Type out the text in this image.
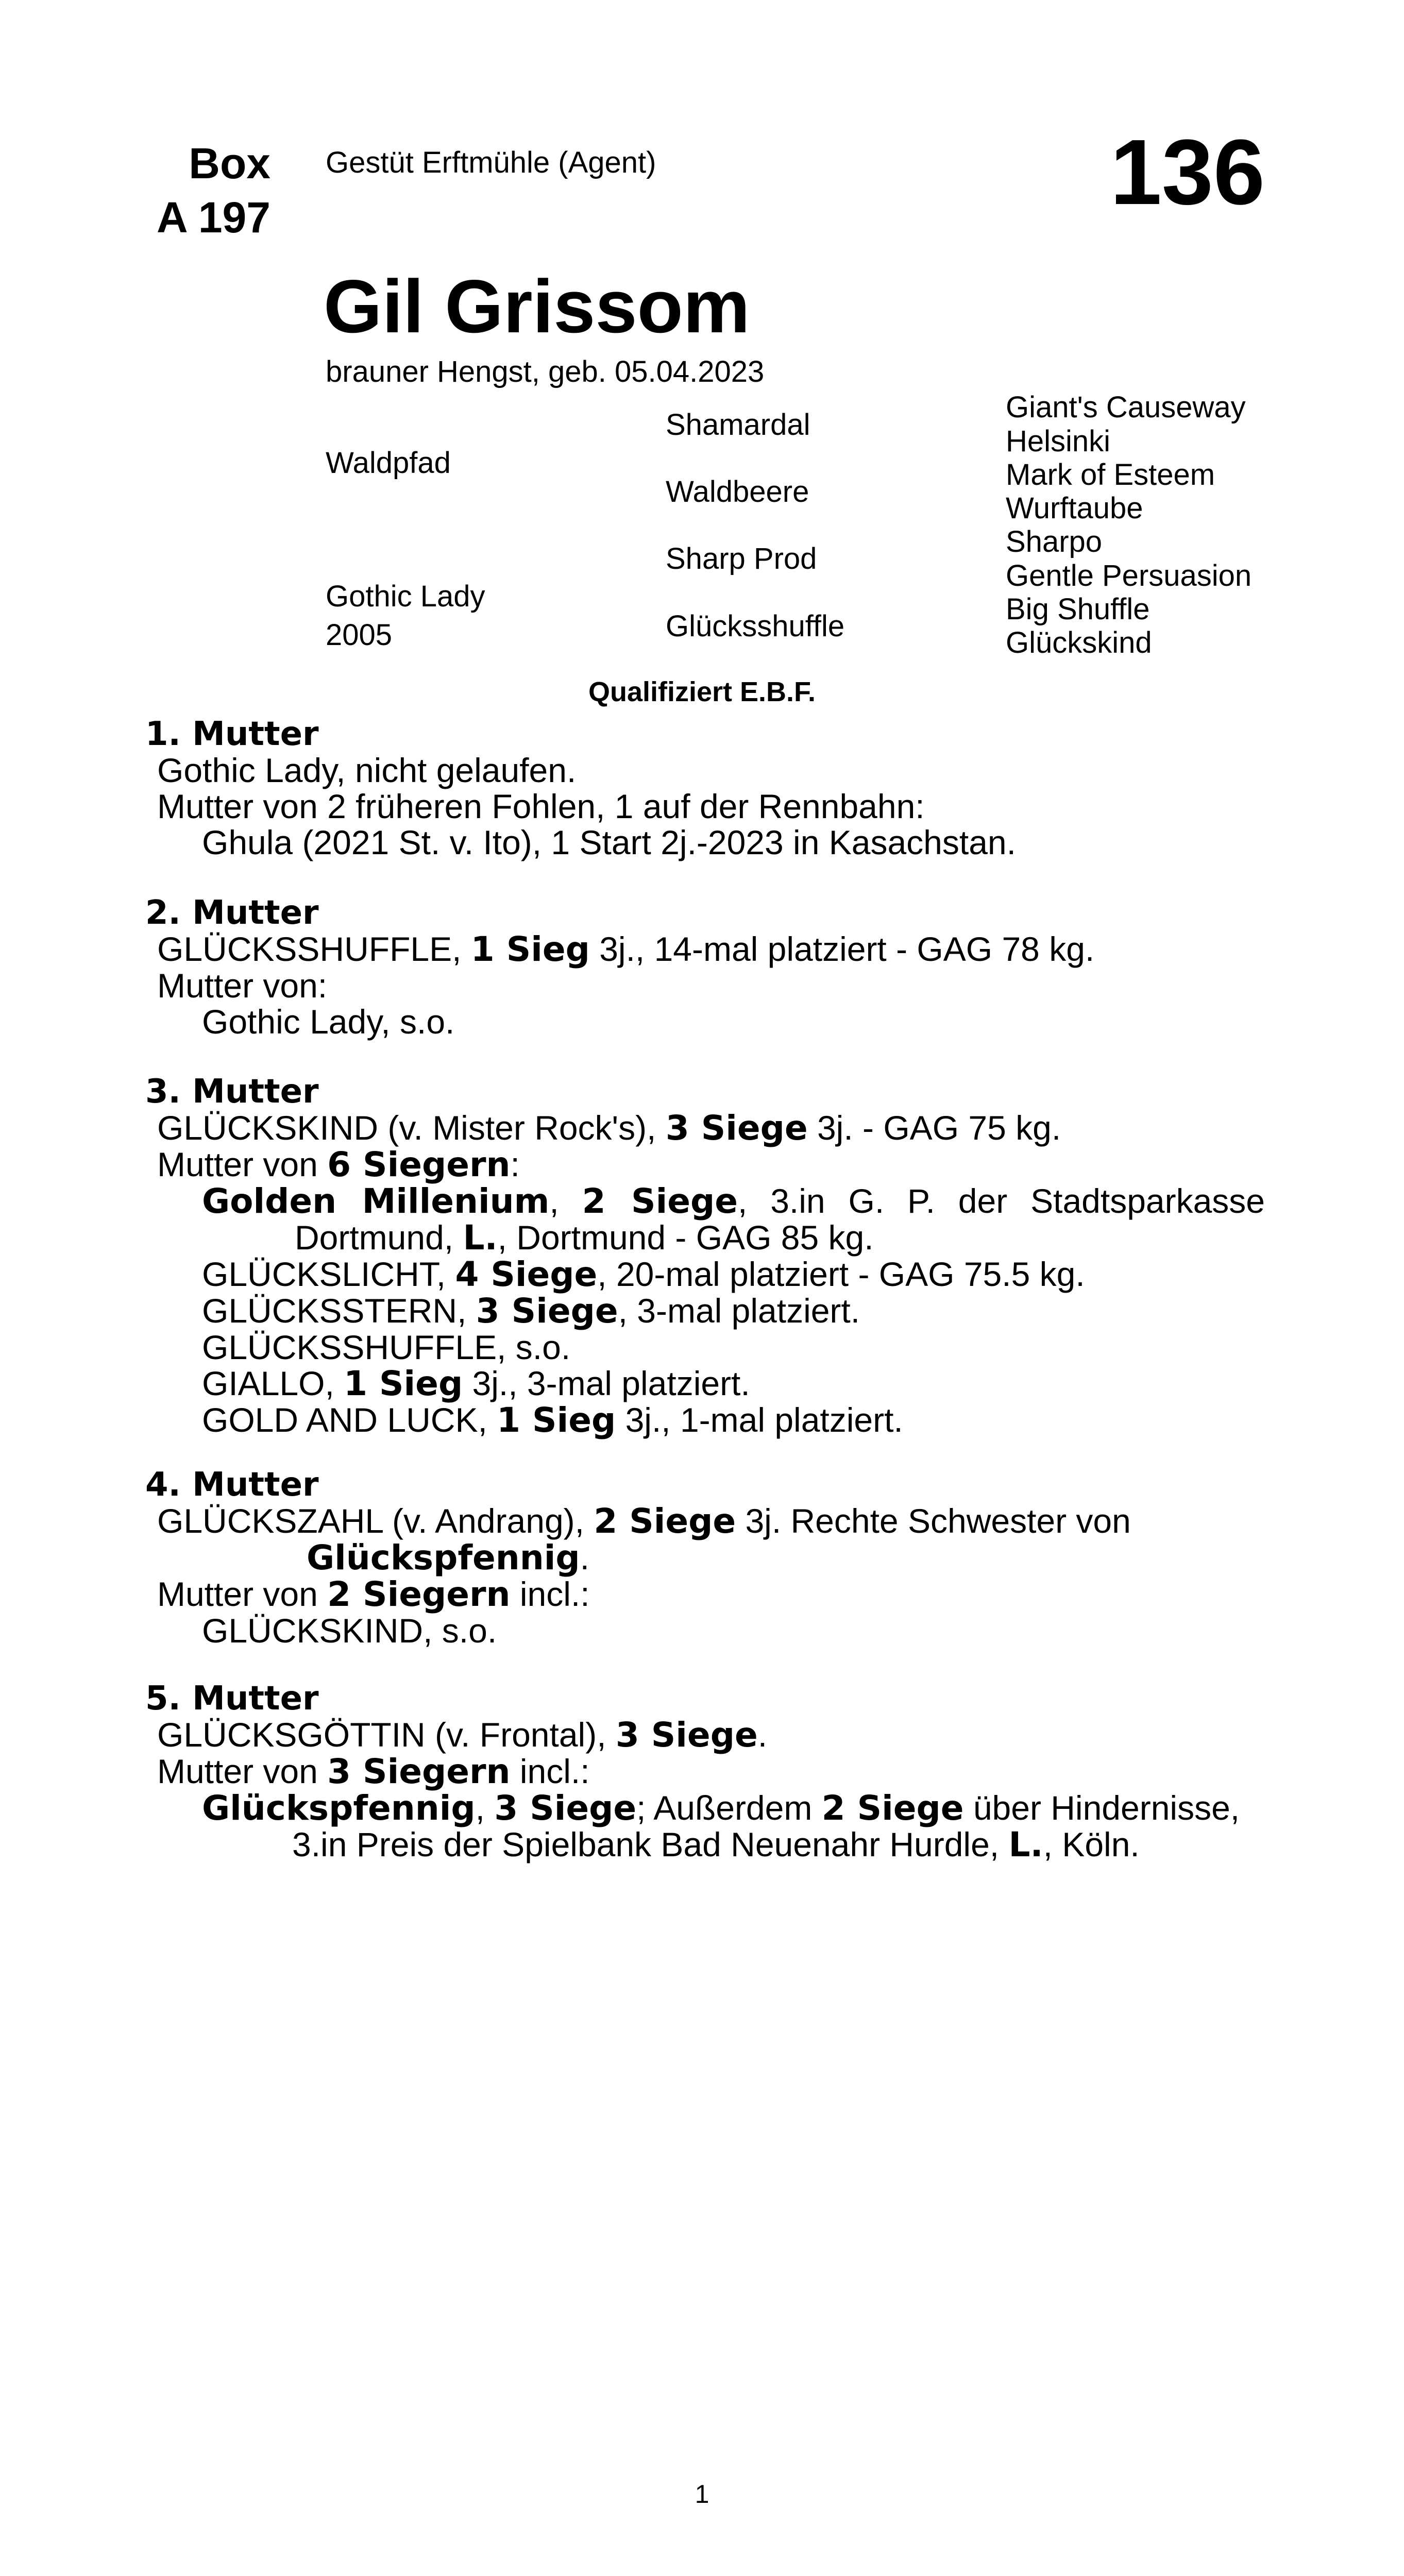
Box
A 197
Gestüt Erftmühle (Agent)	136
Gil Grissom
brauner Hengst, geb. 05.04.2023
Waldpfad
Gothic Lady
2005
Shamardal
Waldbeere
Sharp Prod
Glücksshuffle
Giant's Causeway
Helsinki
Mark of Esteem
Wurftaube
Sharpo
Gentle Persuasion
Big Shuffle
Glückskind
Qualifiziert E.B.F.
1. Mutter
Gothic Lady, nicht gelaufen.
Mutter von 2 früheren Fohlen, 1 auf der Rennbahn:
Ghula (2021 St. v. Ito), 1 Start 2j.-2023 in Kasachstan.
2. Mutter
GLÜCKSSHUFFLE, 1 Sieg 3j., 14-mal platziert - GAG 78 kg.
Mutter von:
Gothic Lady, s.o.
3. Mutter
GLÜCKSKIND (v. Mister Rock's), 3 Siege 3j. - GAG 75 kg.
Mutter von 6 Siegern:
Golden Millenium, 2 Siege, 3.in G. P. der Stadtsparkasse Dortmund, L., Dortmund - GAG 85 kg.
GLÜCKSLICHT, 4 Siege, 20-mal platziert - GAG 75.5 kg.
GLÜCKSSTERN, 3 Siege, 3-mal platziert.
GLÜCKSSHUFFLE, s.o.
GIALLO, 1 Sieg 3j., 3-mal platziert.
GOLD AND LUCK, 1 Sieg 3j., 1-mal platziert.
4. Mutter
GLÜCKSZAHL (v. Andrang), 2 Siege 3j. Rechte Schwester von
Glückspfennig.
Mutter von 2 Siegern incl.:
GLÜCKSKIND, s.o.
5. Mutter
GLÜCKSGÖTTIN (v. Frontal), 3 Siege.
Mutter von 3 Siegern incl.:
Glückspfennig, 3 Siege; Außerdem 2 Siege über Hindernisse, 3.in Preis der Spielbank Bad Neuenahr Hurdle, L., Köln.
1
